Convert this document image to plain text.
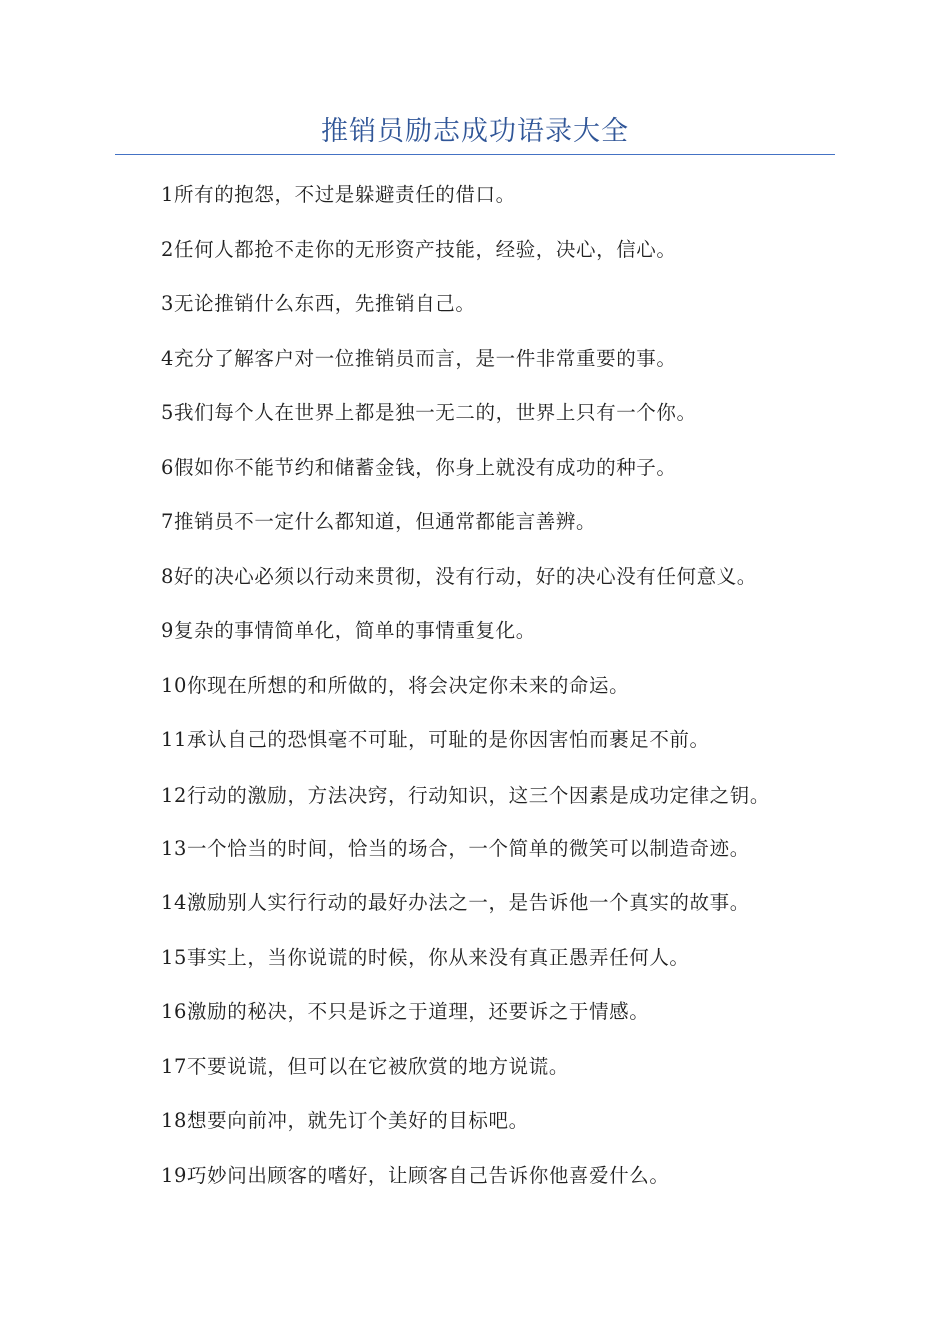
推销员励志成功语录大全
1所有的抱怨，不过是躲避责任的借口。
2任何人都抢不走你的无形资产技能，经验，决心，信心。
3无论推销什么东西，先推销自己。
4充分了解客户对一位推销员而言，是一件非常重要的事。
5我们每个人在世界上都是独一无二的，世界上只有一个你。
6假如你不能节约和储蓄金钱，你身上就没有成功的种子。
7推销员不一定什么都知道，但通常都能言善辨。
8好的决心必须以行动来贯彻，没有行动，好的决心没有任何意义。
9复杂的事情简单化，简单的事情重复化。
10你现在所想的和所做的，将会决定你未来的命运。
11承认自己的恐惧毫不可耻，可耻的是你因害怕而裹足不前。
12行动的激励，方法决窍，行动知识，这三个因素是成功定律之钥。
13一个恰当的时间，恰当的场合，一个简单的微笑可以制造奇迹。
14激励别人实行行动的最好办法之一，是告诉他一个真实的故事。
15事实上，当你说谎的时候，你从来没有真正愚弄任何人。
16激励的秘决，不只是诉之于道理，还要诉之于情感。
17不要说谎，但可以在它被欣赏的地方说谎。
18想要向前冲，就先订个美好的目标吧。
19巧妙问出顾客的嗜好，让顾客自己告诉你他喜爱什么。
